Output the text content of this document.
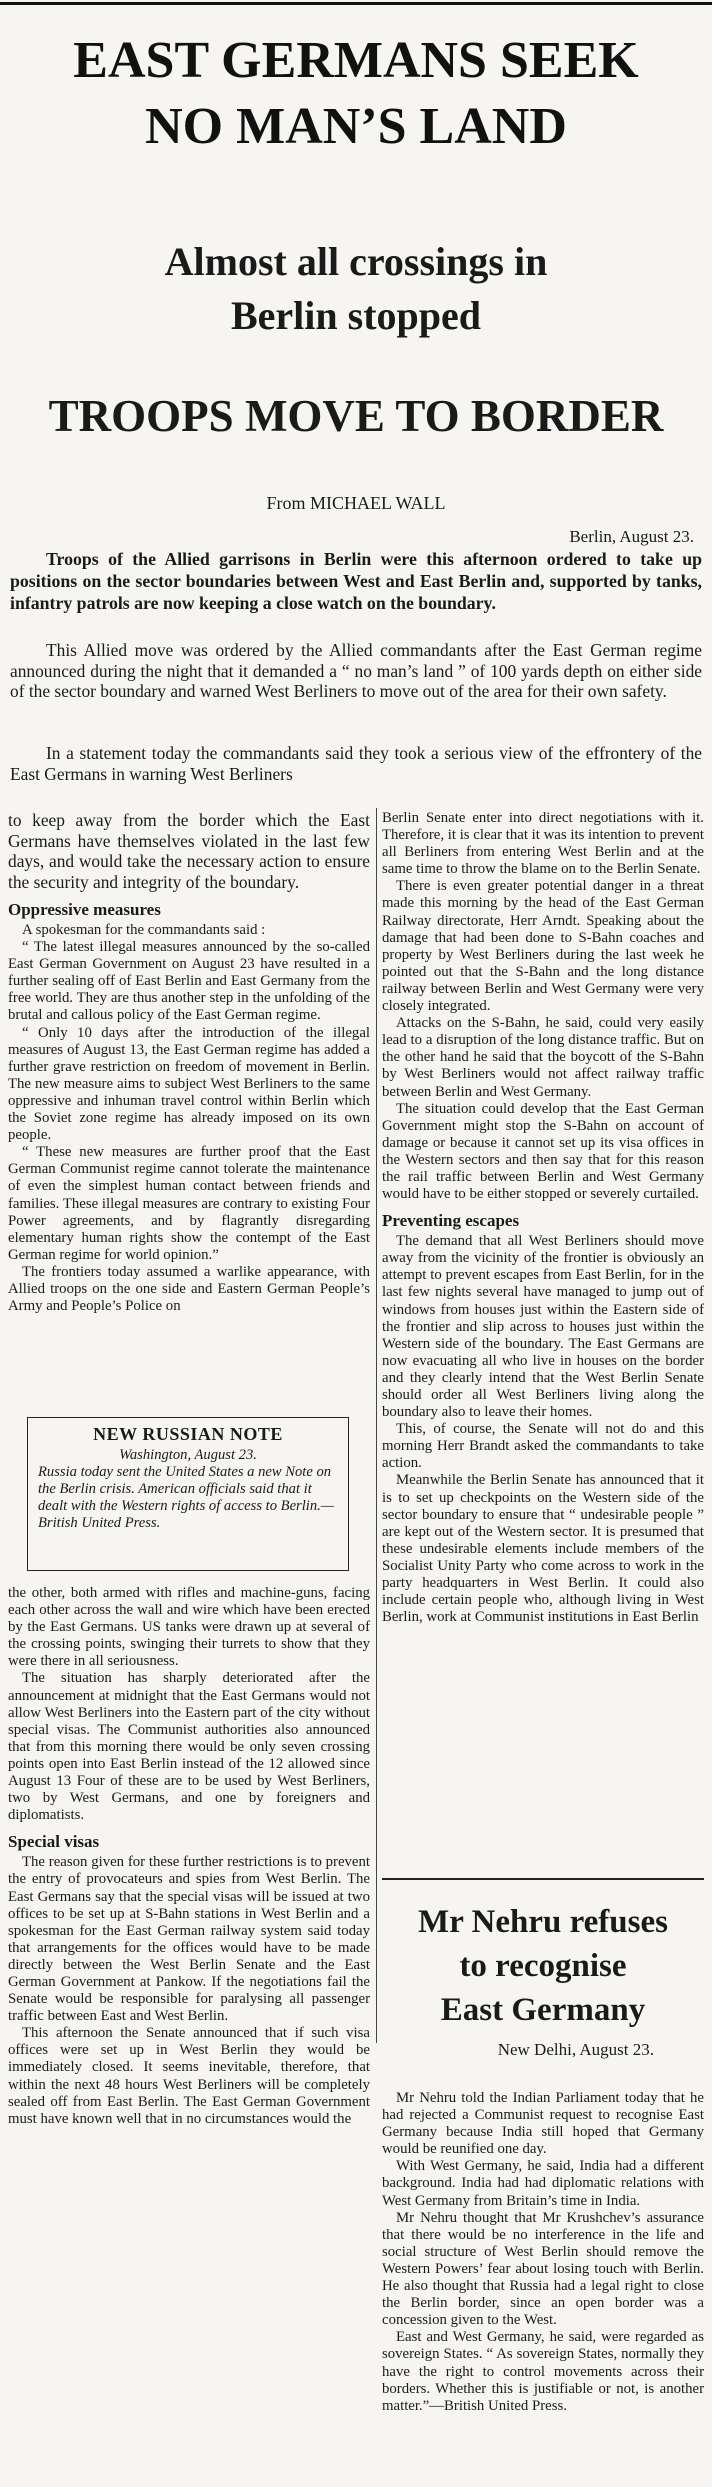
EAST GERMANS SEEK
NO MAN’S LAND
Almost all crossings in
Berlin stopped
TROOPS MOVE TO BORDER

From MICHAEL WALL

Berlin, August 23.

Troops of the Allied garrisons in Berlin were this afternoon ordered to take up positions on the sector boundaries between West and East Berlin and, supported by tanks, infantry patrols are now keeping a close watch on the boundary.

This Allied move was ordered by the Allied commandants after the East German regime announced during the night that it demanded a “ no man’s land ” of 100 yards depth on either side of the sector boundary and warned West Berliners to move out of the area for their own safety.

In a statement today the commandants said they took a serious view of the effrontery of the East Germans in warning West Berliners

to keep away from the border which the East Germans have themselves violated in the last few days, and would take the necessary action to ensure the security and integrity of the boundary.

Oppressive measures

A spokesman for the commandants said :

“ The latest illegal measures announced by the so-called East German Government on August 23 have resulted in a further sealing off of East Berlin and East Germany from the free world. They are thus another step in the unfolding of the brutal and callous policy of the East German regime.

“ Only 10 days after the introduction of the illegal measures of August 13, the East German regime has added a further grave restriction on freedom of movement in Berlin. The new measure aims to subject West Berliners to the same oppressive and inhuman travel control within Berlin which the Soviet zone regime has already imposed on its own people.

“ These new measures are further proof that the East German Communist regime cannot tolerate the maintenance of even the simplest human contact between friends and families. These illegal measures are contrary to existing Four Power agreements, and by flagrantly disregarding elementary human rights show the contempt of the East German regime for world opinion.”

The frontiers today assumed a warlike appearance, with Allied troops on the one side and Eastern German People’s Army and People’s Police on

NEW RUSSIAN NOTE

Washington, August 23.

Russia today sent the United States a new Note on the Berlin crisis. American officials said that it dealt with the Western rights of access to Berlin.—British United Press.

the other, both armed with rifles and machine-guns, facing each other across the wall and wire which have been erected by the East Germans. US tanks were drawn up at several of the crossing points, swinging their turrets to show that they were there in all seriousness.

The situation has sharply deteriorated after the announcement at midnight that the East Germans would not allow West Berliners into the Eastern part of the city without special visas. The Communist authorities also announced that from this morning there would be only seven crossing points open into East Berlin instead of the 12 allowed since August 13 Four of these are to be used by West Berliners, two by West Germans, and one by foreigners and diplomatists.

Special visas

The reason given for these further restrictions is to prevent the entry of provocateurs and spies from West Berlin. The East Germans say that the special visas will be issued at two offices to be set up at S-Bahn stations in West Berlin and a spokesman for the East German railway system said today that arrangements for the offices would have to be made directly between the West Berlin Senate and the East German Government at Pankow. If the negotiations fail the Senate would be responsible for paralysing all passenger traffic between East and West Berlin.

This afternoon the Senate announced that if such visa offices were set up in West Berlin they would be immediately closed. It seems inevitable, therefore, that within the next 48 hours West Berliners will be completely sealed off from East Berlin. The East German Government must have known well that in no circumstances would the

Berlin Senate enter into direct negotiations with it. Therefore, it is clear that it was its intention to prevent all Berliners from entering West Berlin and at the same time to throw the blame on to the Berlin Senate.

There is even greater potential danger in a threat made this morning by the head of the East German Railway directorate, Herr Arndt. Speaking about the damage that had been done to S-Bahn coaches and property by West Berliners during the last week he pointed out that the S-Bahn and the long distance railway between Berlin and West Germany were very closely integrated.

Attacks on the S-Bahn, he said, could very easily lead to a disruption of the long distance traffic. But on the other hand he said that the boycott of the S-Bahn by West Berliners would not affect railway traffic between Berlin and West Germany.

The situation could develop that the East German Government might stop the S-Bahn on account of damage or because it cannot set up its visa offices in the Western sectors and then say that for this reason the rail traffic between Berlin and West Germany would have to be either stopped or severely curtailed.

Preventing escapes

The demand that all West Berliners should move away from the vicinity of the frontier is obviously an attempt to prevent escapes from East Berlin, for in the last few nights several have managed to jump out of windows from houses just within the Eastern side of the frontier and slip across to houses just within the Western side of the boundary. The East Germans are now evacuating all who live in houses on the border and they clearly intend that the West Berlin Senate should order all West Berliners living along the boundary also to leave their homes.

This, of course, the Senate will not do and this morning Herr Brandt asked the commandants to take action.

Meanwhile the Berlin Senate has announced that it is to set up checkpoints on the Western side of the sector boundary to ensure that “ undesirable people ” are kept out of the Western sector. It is presumed that these undesirable elements include members of the Socialist Unity Party who come across to work in the party headquarters in West Berlin. It could also include certain people who, although living in West Berlin, work at Communist institutions in East Berlin

Mr Nehru refuses
to recognise
East Germany

New Delhi, August 23.

Mr Nehru told the Indian Parliament today that he had rejected a Communist request to recognise East Germany because India still hoped that Germany would be reunified one day.

With West Germany, he said, India had a different background. India had had diplomatic relations with West Germany from Britain’s time in India.

Mr Nehru thought that Mr Krushchev’s assurance that there would be no interference in the life and social structure of West Berlin should remove the Western Powers’ fear about losing touch with Berlin. He also thought that Russia had a legal right to close the Berlin border, since an open border was a concession given to the West.

East and West Germany, he said, were regarded as sovereign States. “ As sovereign States, normally they have the right to control movements across their borders. Whether this is justifiable or not, is another matter.”—British United Press.
